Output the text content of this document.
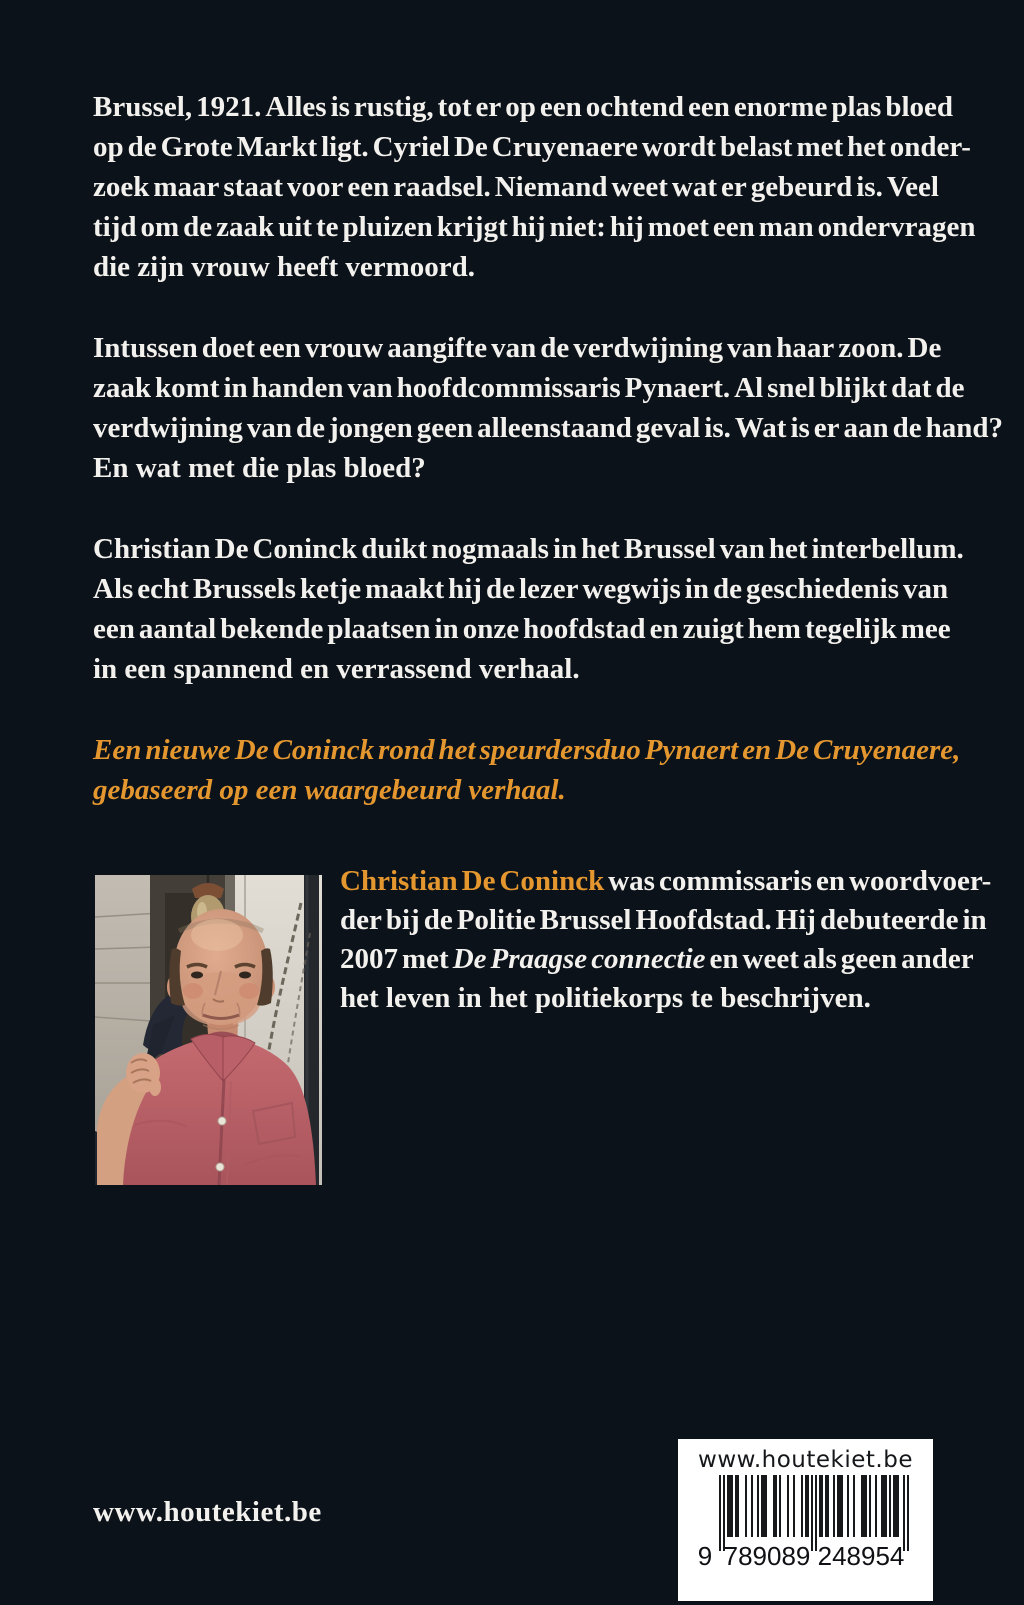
Brussel, 1921. Alles is rustig, tot er op een ochtend een enorme plas bloed
op de Grote Markt ligt. Cyriel De Cruyenaere wordt belast met het onder-
zoek maar staat voor een raadsel. Niemand weet wat er gebeurd is. Veel
tijd om de zaak uit te pluizen krijgt hij niet: hij moet een man ondervragen
die zijn vrouw heeft vermoord.
Intussen doet een vrouw aangifte van de verdwijning van haar zoon. De
zaak komt in handen van hoofdcommissaris Pynaert. Al snel blijkt dat de
verdwijning van de jongen geen alleenstaand geval is. Wat is er aan de hand?
En wat met die plas bloed?
Christian De Coninck duikt nogmaals in het Brussel van het interbellum.
Als echt Brussels ketje maakt hij de lezer wegwijs in de geschiedenis van
een aantal bekende plaatsen in onze hoofdstad en zuigt hem tegelijk mee
in een spannend en verrassend verhaal.
Een nieuwe De Coninck rond het speurdersduo Pynaert en De Cruyenaere,
gebaseerd op een waargebeurd verhaal.
Christian De Coninck was commissaris en woordvoer-
der bij de Politie Brussel Hoofdstad. Hij debuteerde in
2007 met De Praagse connectie en weet als geen ander
het leven in het politiekorps te beschrijven.
www.houtekiet.be
www.houtekiet.be
9 789089 248954
